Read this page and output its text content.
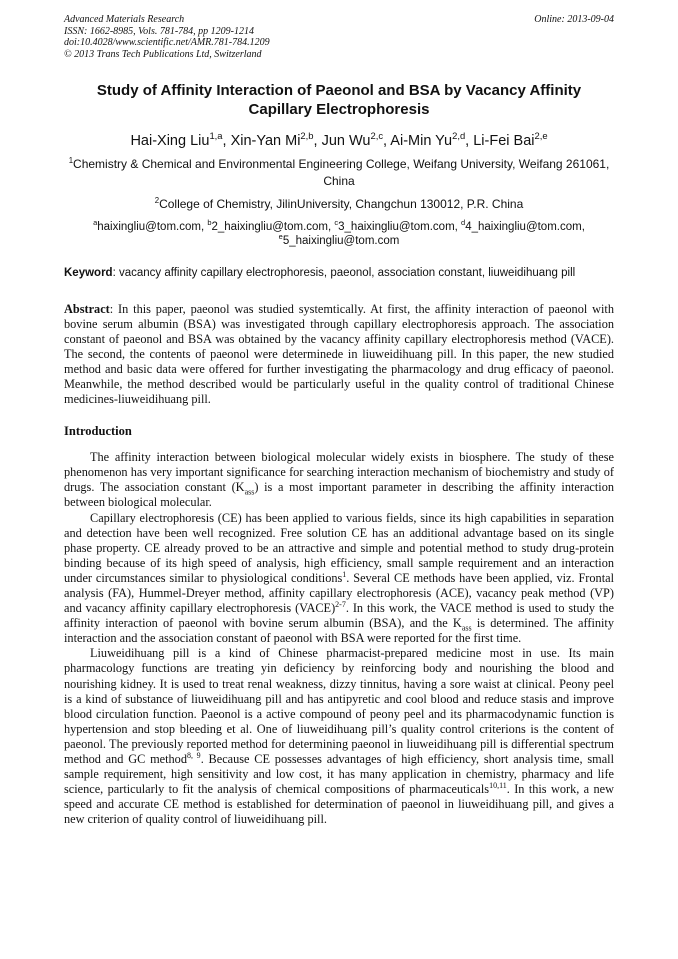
Advanced Materials Research
ISSN: 1662-8985, Vols. 781-784, pp 1209-1214
doi:10.4028/www.scientific.net/AMR.781-784.1209
© 2013 Trans Tech Publications Ltd, Switzerland
Online: 2013-09-04
Study of Affinity Interaction of Paeonol and BSA by Vacancy Affinity Capillary Electrophoresis
Hai-Xing Liu$^{1,a}$, Xin-Yan Mi$^{2,b}$, Jun Wu$^{2,c}$, Ai-Min Yu$^{2,d}$, Li-Fei Bai$^{2,e}$
$^1$Chemistry & Chemical and Environmental Engineering College, Weifang University, Weifang 261061, China
$^2$College of Chemistry, JilinUniversity, Changchun 130012, P.R. China
$^a$haixingliu@tom.com, $^b$2_haixingliu@tom.com, $^c$3_haixingliu@tom.com, $^d$4_haixingliu@tom.com, $^e$5_haixingliu@tom.com
Keyword: vacancy affinity capillary electrophoresis, paeonol, association constant, liuweidihuang pill
Abstract: In this paper, paeonol was studied systemtically. At first, the affinity interaction of paeonol with bovine serum albumin (BSA) was investigated through capillary electrophoresis approach. The association constant of paeonol and BSA was obtained by the vacancy affinity capillary electrophoresis method (VACE). The second, the contents of paeonol were determinede in liuweidihuang pill. In this paper, the new studied method and basic data were offered for further investigating the pharmacology and drug efficacy of paeonol. Meanwhile, the method described would be particularly useful in the quality control of traditional Chinese medicines-liuweidihuang pill.
Introduction

The affinity interaction between biological molecular widely exists in biosphere. The study of these phenomenon has very important significance for searching interaction mechanism of biochemistry and study of drugs. The association constant $(K_{ass})$ is a most important parameter in describing the affinity interaction between biological molecular.

Capillary electrophoresis (CE) has been applied to various fields, since its high capabilities in separation and detection have been well recognized. Free solution CE has an additional advantage based on its single phase property. CE already proved to be an attractive and simple and potential method to study drug-protein binding because of its high speed of analysis, high efficiency, small sample requirement and an interaction under circumstances similar to physiological conditions$^1$. Several CE methods have been applied, viz. Frontal analysis (FA), Hummel-Dreyer method, affinity capillary electrophoresis (ACE), vacancy peak method (VP) and vacancy affinity capillary electrophoresis (VACE)$^{2-7}$. In this work, the VACE method is used to study the affinity interaction of paeonol with bovine serum albumin (BSA), and the $K_{ass}$ is determined. The affinity interaction and the association constant of paeonol with BSA were reported for the first time.

Liuweidihuang pill is a kind of Chinese pharmacist-prepared medicine most in use. Its main pharmacology functions are treating yin deficiency by reinforcing body and nourishing the blood and nourishing kidney. It is used to treat renal weakness, dizzy tinnitus, having a sore waist at clinical. Peony peel is a kind of substance of liuweidihuang pill and has antipyretic and cool blood and reduce stasis and improve blood circulation function. Paeonol is a active compound of peony peel and its pharmacodynamic function is hypertension and stop bleeding et al. One of liuweidihuang pill’s quality control criterions is the content of paeonol. The previously reported method for determining paeonol in liuweidihuang pill is differential spectrum method and GC method$^{8, 9}$. Because CE possesses advantages of high efficiency, short analysis time, small sample requirement, high sensitivity and low cost, it has many application in chemistry, pharmacy and life science, particularly to fit the analysis of chemical compositions of pharmaceuticals$^{10,11}$. In this work, a new speed and accurate CE method is established for determination of paeonol in liuweidihuang pill, and gives a new criterion of quality control of liuweidihuang pill.
